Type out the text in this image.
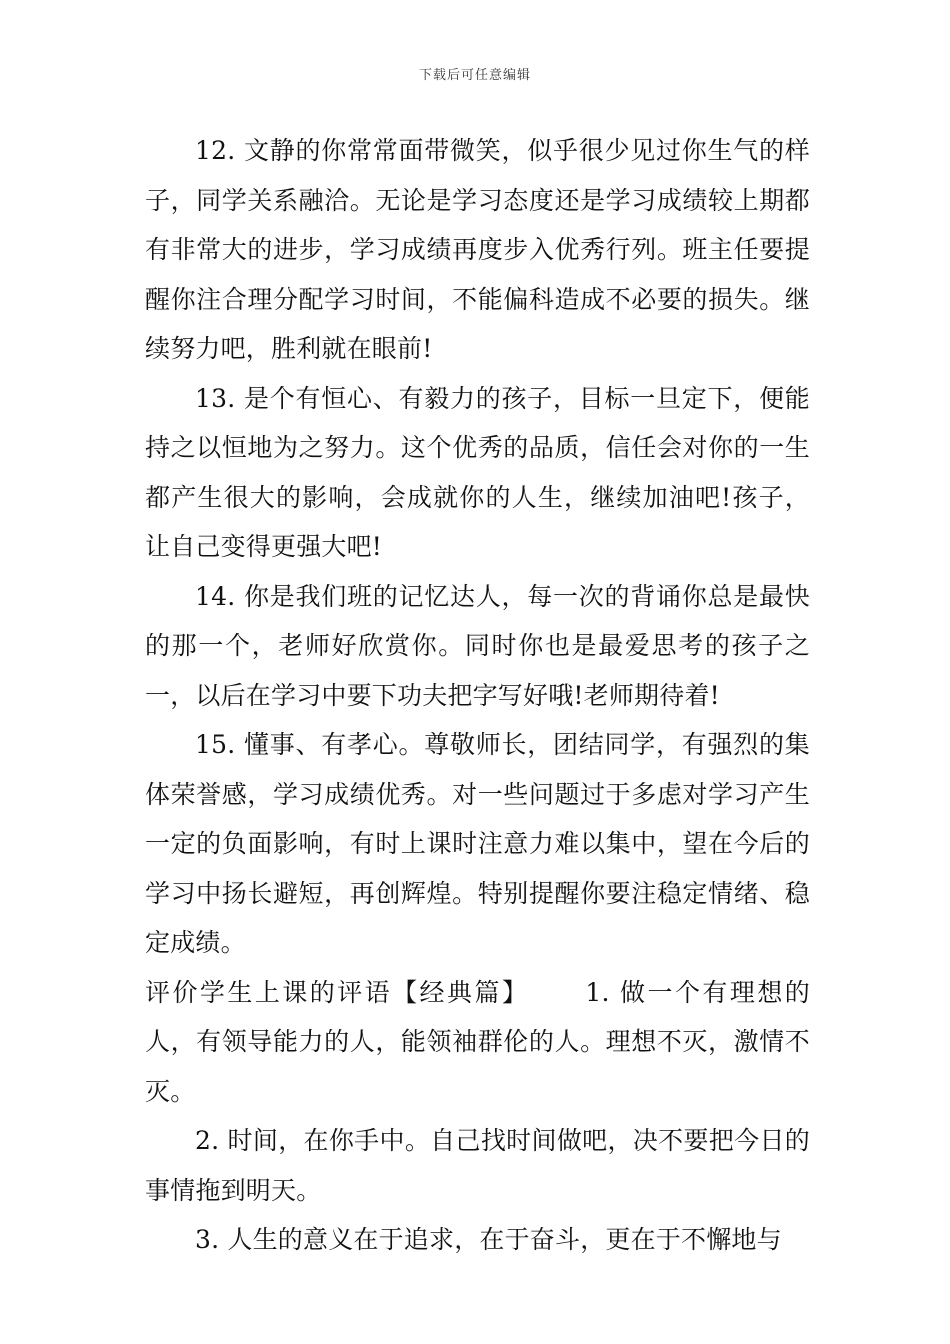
下载后可任意编辑

12. 文静的你常常面带微笑，似乎很少见过你生气的样子，同学关系融洽。无论是学习态度还是学习成绩较上期都有非常大的进步，学习成绩再度步入优秀行列。班主任要提醒你注合理分配学习时间，不能偏科造成不必要的损失。继续努力吧，胜利就在眼前!

13. 是个有恒心、有毅力的孩子，目标一旦定下，便能持之以恒地为之努力。这个优秀的品质，信任会对你的一生都产生很大的影响，会成就你的人生，继续加油吧!孩子，让自己变得更强大吧!

14. 你是我们班的记忆达人，每一次的背诵你总是最快的那一个，老师好欣赏你。同时你也是最爱思考的孩子之一，以后在学习中要下功夫把字写好哦!老师期待着!

15. 懂事、有孝心。尊敬师长，团结同学，有强烈的集体荣誉感，学习成绩优秀。对一些问题过于多虑对学习产生一定的负面影响，有时上课时注意力难以集中，望在今后的学习中扬长避短，再创辉煌。特别提醒你要注稳定情绪、稳定成绩。

评价学生上课的评语【经典篇】 1. 做一个有理想的人，有领导能力的人，能领袖群伦的人。理想不灭，激情不灭。

2. 时间，在你手中。自己找时间做吧，决不要把今日的事情拖到明天。

3. 人生的意义在于追求，在于奋斗，更在于不懈地与
